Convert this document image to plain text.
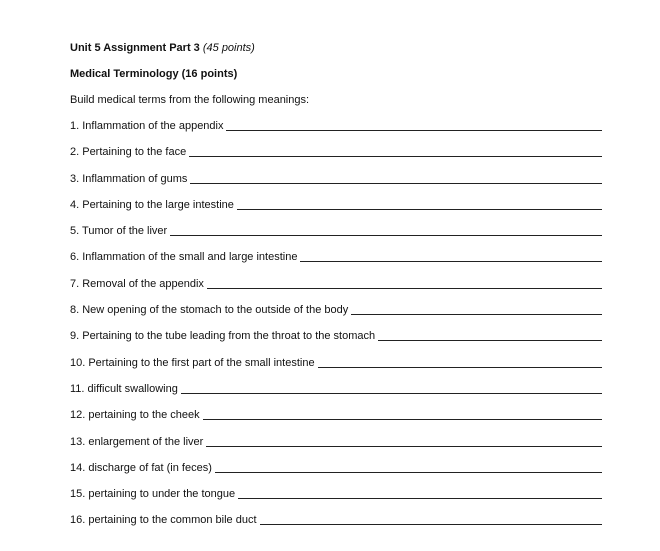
Unit 5 Assignment Part 3 (45 points)
Medical Terminology (16 points)
Build medical terms from the following meanings:
1. Inflammation of the appendix
2. Pertaining to the face
3. Inflammation of gums
4. Pertaining to the large intestine
5. Tumor of the liver
6. Inflammation of the small and large intestine
7. Removal of the appendix
8. New opening of the stomach to the outside of the body
9. Pertaining to the tube leading from the throat to the stomach
10. Pertaining to the first part of the small intestine
11. difficult swallowing
12. pertaining to the cheek
13. enlargement of the liver
14. discharge of fat (in feces)
15. pertaining to under the tongue
16. pertaining to the common bile duct
